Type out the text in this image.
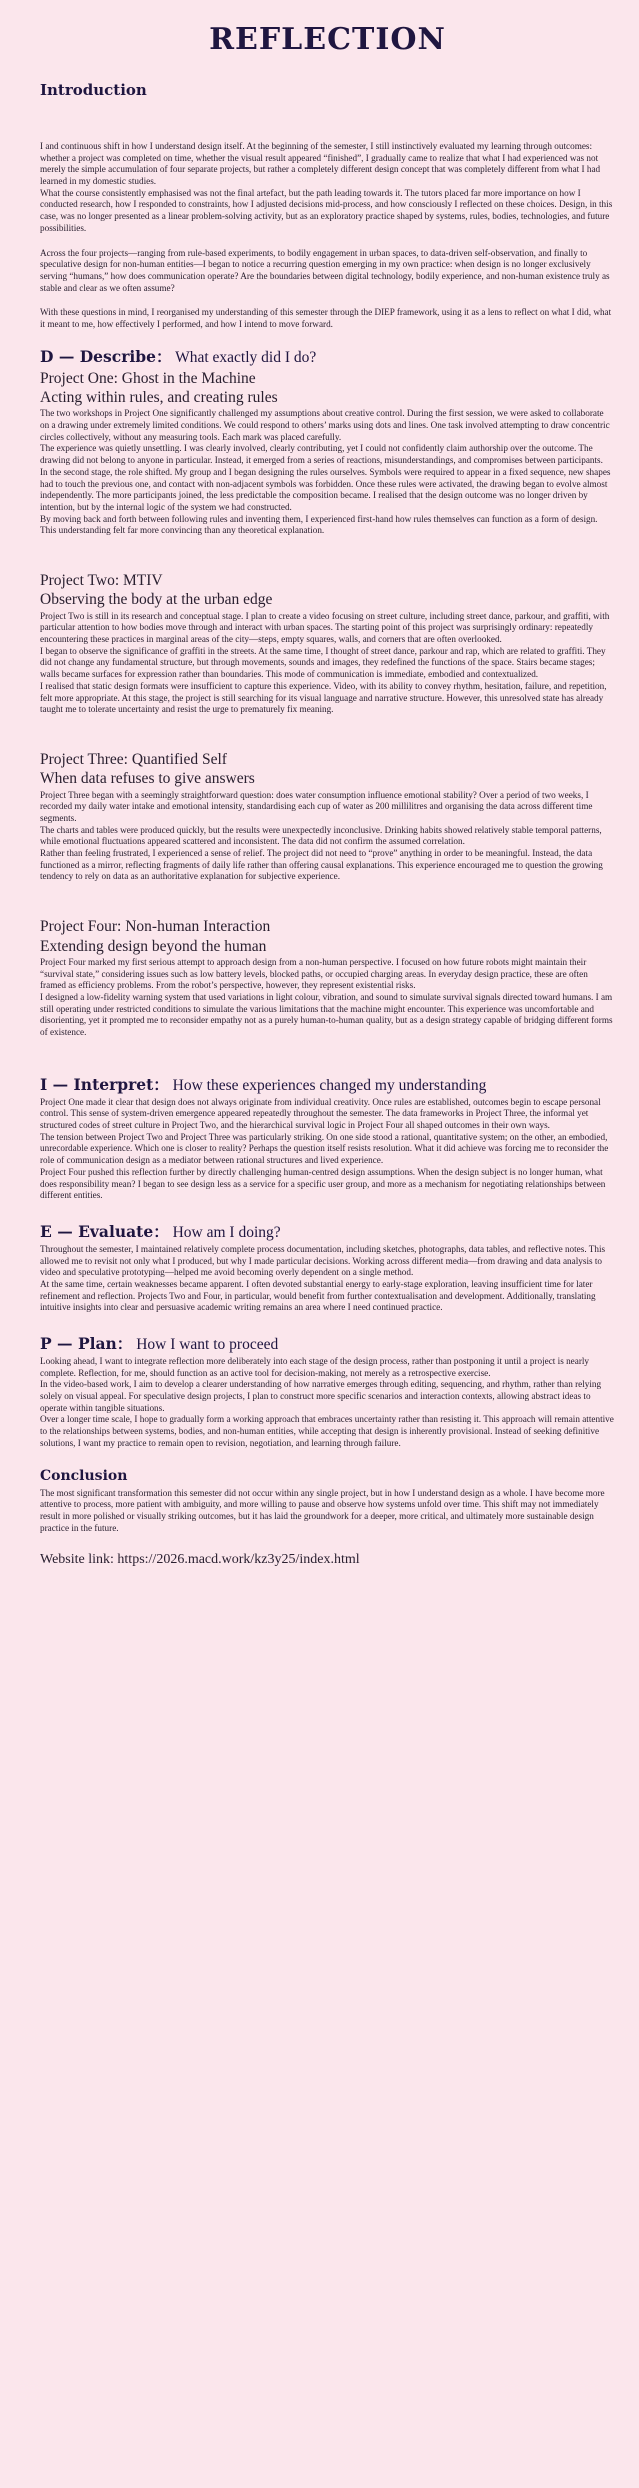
REFLECTION
Introduction

I and continuous shift in how I understand design itself. At the beginning of the semester, I still instinctively evaluated my learning through outcomes: whether a project was completed on time, whether the visual result appeared “finished”, I gradually came to realize that what I had experienced was not merely the simple accumulation of four separate projects, but rather a completely different design concept that was completely different from what I had learned in my domestic studies.

What the course consistently emphasised was not the final artefact, but the path leading towards it. The tutors placed far more importance on how I conducted research, how I responded to constraints, how I adjusted decisions mid-process, and how consciously I reflected on these choices. Design, in this case, was no longer presented as a linear problem-solving activity, but as an exploratory practice shaped by systems, rules, bodies, technologies, and future possibilities.

Across the four projects—ranging from rule-based experiments, to bodily engagement in urban spaces, to data-driven self-observation, and finally to speculative design for non-human entities—I began to notice a recurring question emerging in my own practice: when design is no longer exclusively serving “humans,” how does communication operate? Are the boundaries between digital technology, bodily experience, and non-human existence truly as stable and clear as we often assume?

With these questions in mind, I reorganised my understanding of this semester through the DIEP framework, using it as a lens to reflect on what I did, what it meant to me, how effectively I performed, and how I intend to move forward.

D — Describe： What exactly did I do?
Project One: Ghost in the Machine
Acting within rules, and creating rules

The two workshops in Project One significantly challenged my assumptions about creative control. During the first session, we were asked to collaborate on a drawing under extremely limited conditions. We could respond to others’ marks using dots and lines. One task involved attempting to draw concentric circles collectively, without any measuring tools. Each mark was placed carefully.

The experience was quietly unsettling. I was clearly involved, clearly contributing, yet I could not confidently claim authorship over the outcome. The drawing did not belong to anyone in particular. Instead, it emerged from a series of reactions, misunderstandings, and compromises between participants.

In the second stage, the role shifted. My group and I began designing the rules ourselves. Symbols were required to appear in a fixed sequence, new shapes had to touch the previous one, and contact with non-adjacent symbols was forbidden. Once these rules were activated, the drawing began to evolve almost independently. The more participants joined, the less predictable the composition became. I realised that the design outcome was no longer driven by intention, but by the internal logic of the system we had constructed.

By moving back and forth between following rules and inventing them, I experienced first-hand how rules themselves can function as a form of design. This understanding felt far more convincing than any theoretical explanation.

Project Two: MTIV
Observing the body at the urban edge

Project Two is still in its research and conceptual stage. I plan to create a video focusing on street culture, including street dance, parkour, and graffiti, with particular attention to how bodies move through and interact with urban spaces. The starting point of this project was surprisingly ordinary: repeatedly encountering these practices in marginal areas of the city—steps, empty squares, walls, and corners that are often overlooked.

I began to observe the significance of graffiti in the streets. At the same time, I thought of street dance, parkour and rap, which are related to graffiti. They did not change any fundamental structure, but through movements, sounds and images, they redefined the functions of the space. Stairs became stages; walls became surfaces for expression rather than boundaries. This mode of communication is immediate, embodied and contextualized.

I realised that static design formats were insufficient to capture this experience. Video, with its ability to convey rhythm, hesitation, failure, and repetition, felt more appropriate. At this stage, the project is still searching for its visual language and narrative structure. However, this unresolved state has already taught me to tolerate uncertainty and resist the urge to prematurely fix meaning.

Project Three: Quantified Self
When data refuses to give answers

Project Three began with a seemingly straightforward question: does water consumption influence emotional stability? Over a period of two weeks, I recorded my daily water intake and emotional intensity, standardising each cup of water as 200 millilitres and organising the data across different time segments.

The charts and tables were produced quickly, but the results were unexpectedly inconclusive. Drinking habits showed relatively stable temporal patterns, while emotional fluctuations appeared scattered and inconsistent. The data did not confirm the assumed correlation.

Rather than feeling frustrated, I experienced a sense of relief. The project did not need to “prove” anything in order to be meaningful. Instead, the data functioned as a mirror, reflecting fragments of daily life rather than offering causal explanations. This experience encouraged me to question the growing tendency to rely on data as an authoritative explanation for subjective experience.

Project Four: Non-human Interaction
Extending design beyond the human

Project Four marked my first serious attempt to approach design from a non-human perspective. I focused on how future robots might maintain their “survival state,” considering issues such as low battery levels, blocked paths, or occupied charging areas. In everyday design practice, these are often framed as efficiency problems. From the robot’s perspective, however, they represent existential risks.

I designed a low-fidelity warning system that used variations in light colour, vibration, and sound to simulate survival signals directed toward humans. I am still operating under restricted conditions to simulate the various limitations that the machine might encounter. This experience was uncomfortable and disorienting, yet it prompted me to reconsider empathy not as a purely human-to-human quality, but as a design strategy capable of bridging different forms of existence.

I — Interpret： How these experiences changed my understanding

Project One made it clear that design does not always originate from individual creativity. Once rules are established, outcomes begin to escape personal control. This sense of system-driven emergence appeared repeatedly throughout the semester. The data frameworks in Project Three, the informal yet structured codes of street culture in Project Two, and the hierarchical survival logic in Project Four all shaped outcomes in their own ways.

The tension between Project Two and Project Three was particularly striking. On one side stood a rational, quantitative system; on the other, an embodied, unrecordable experience. Which one is closer to reality? Perhaps the question itself resists resolution. What it did achieve was forcing me to reconsider the role of communication design as a mediator between rational structures and lived experience.

Project Four pushed this reflection further by directly challenging human-centred design assumptions. When the design subject is no longer human, what does responsibility mean? I began to see design less as a service for a specific user group, and more as a mechanism for negotiating relationships between different entities.

E — Evaluate： How am I doing?

Throughout the semester, I maintained relatively complete process documentation, including sketches, photographs, data tables, and reflective notes. This allowed me to revisit not only what I produced, but why I made particular decisions. Working across different media—from drawing and data analysis to video and speculative prototyping—helped me avoid becoming overly dependent on a single method.

At the same time, certain weaknesses became apparent. I often devoted substantial energy to early-stage exploration, leaving insufficient time for later refinement and reflection. Projects Two and Four, in particular, would benefit from further contextualisation and development. Additionally, translating intuitive insights into clear and persuasive academic writing remains an area where I need continued practice.

P — Plan： How I want to proceed

Looking ahead, I want to integrate reflection more deliberately into each stage of the design process, rather than postponing it until a project is nearly complete. Reflection, for me, should function as an active tool for decision-making, not merely as a retrospective exercise.

In the video-based work, I aim to develop a clearer understanding of how narrative emerges through editing, sequencing, and rhythm, rather than relying solely on visual appeal. For speculative design projects, I plan to construct more specific scenarios and interaction contexts, allowing abstract ideas to operate within tangible situations.

Over a longer time scale, I hope to gradually form a working approach that embraces uncertainty rather than resisting it. This approach will remain attentive to the relationships between systems, bodies, and non-human entities, while accepting that design is inherently provisional. Instead of seeking definitive solutions, I want my practice to remain open to revision, negotiation, and learning through failure.

Conclusion

The most significant transformation this semester did not occur within any single project, but in how I understand design as a whole. I have become more attentive to process, more patient with ambiguity, and more willing to pause and observe how systems unfold over time. This shift may not immediately result in more polished or visually striking outcomes, but it has laid the groundwork for a deeper, more critical, and ultimately more sustainable design practice in the future.

Website link: https://2026.macd.work/kz3y25/index.html
